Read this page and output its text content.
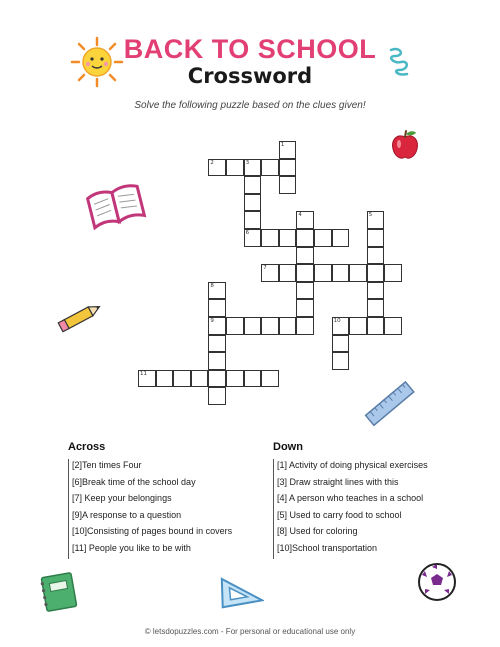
BACK TO SCHOOL
Crossword
Solve the following puzzle based on the clues given!
1
2	3
4	5
6
7
8
9	10
11
Across
[2]Ten times Four
[6]Break time of the school day
[7] Keep your belongings
[9]A response to a question
[10]Consisting of pages bound in covers
[11] People you like to be with
Down
[1] Activity of doing physical exercises
[3] Draw straight lines with this
[4] A person who teaches in a school
[5] Used to carry food to school
[8] Used for coloring
[10]School transportation
© letsdopuzzles.com - For personal or educational use only
